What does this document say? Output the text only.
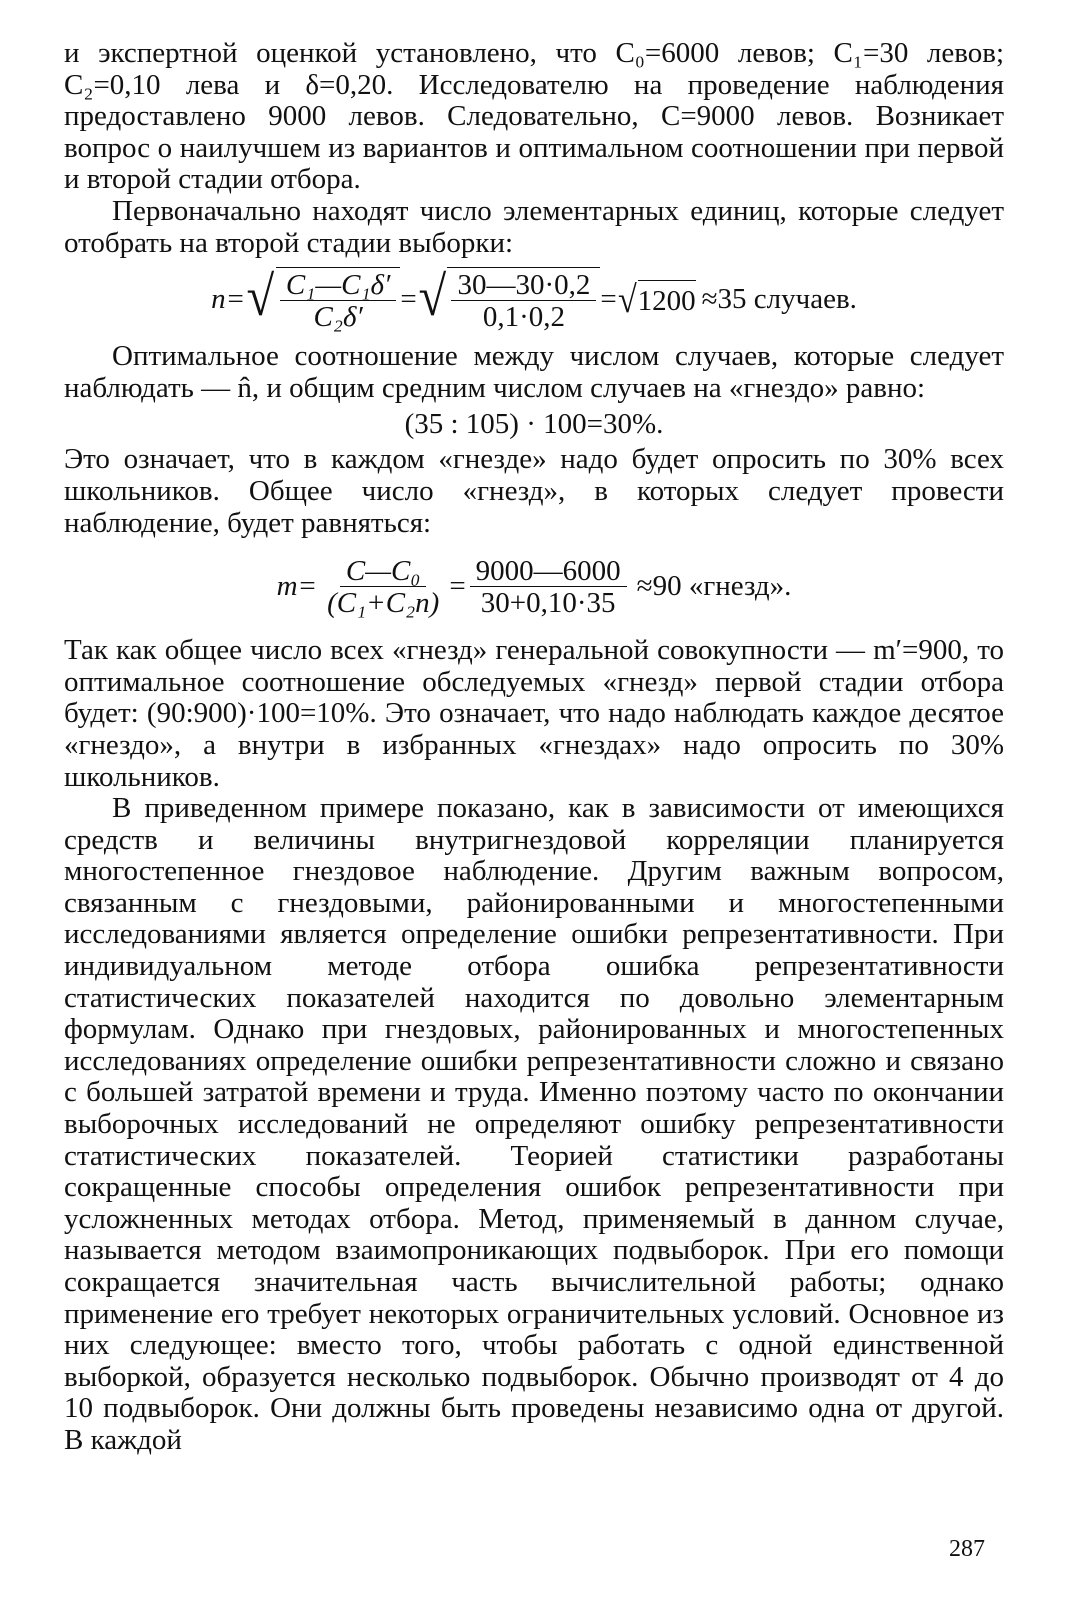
и экспертной оценкой установлено, что C₀=6000 левов; C₁=30 левов; C₂=0,10 лева и δ=0,20. Исследователю на проведение наблюдения предоставлено 9000 левов. Следовательно, C=9000 левов. Возникает вопрос о наилучшем из вариантов и оптимальном соотношении при первой и второй стадии отбора.

Первоначально находят число элементарных единиц, которые следует отобрать на второй стадии выборки:

n= √ $\frac{\text{C₁—C₁δ′}}{\text{C₂δ′}}$ = √ $\frac{30—30\cdot 0,2}{0,1\cdot 0,2}$ = √ 1200 ≈35 случаев.

Оптимальное соотношение между числом случаев, которые следует наблюдать — n̂, и общим средним числом случаев на «гнездо» равно:

(35 : 105) · 100=30%.

Это означает, что в каждом «гнезде» надо будет опросить по 30% всех школьников. Общее число «гнезд», в которых следует провести наблюдение, будет равняться:

$m= \frac{\text{C—C₀}}{\text{(C₁+C₂n)}} = \frac{9000—6000}{30+0,10\cdot 35} \approx 90$ «гнезд».

Так как общее число всех «гнезд» генеральной совокупности — m′=900, то оптимальное соотношение обследуемых «гнезд» первой стадии отбора будет: (90:900)·100=10%. Это означает, что надо наблюдать каждое десятое «гнездо», а внутри в избранных «гнездах» надо опросить по 30% школьников.

В приведенном примере показано, как в зависимости от имеющихся средств и величины внутригнездовой корреляции планируется многостепенное гнездовое наблюдение. Другим важным вопросом, связанным с гнездовыми, районированными и многостепенными исследованиями является определение ошибки репрезентативности. При индивидуальном методе отбора ошибка репрезентативности статистических показателей находится по довольно элементарным формулам. Однако при гнездовых, районированных и многостепенных исследованиях определение ошибки репрезентативности сложно и связано с большей затратой времени и труда. Именно поэтому часто по окончании выборочных исследований не определяют ошибку репрезентативности статистических показателей. Теорией статистики разработаны сокращенные способы определения ошибок репрезентативности при усложненных методах отбора. Метод, применяемый в данном случае, называется методом взаимопроникающих подвыборок. При его помощи сокращается значительная часть вычислительной работы; однако применение его требует некоторых ограничительных условий. Основное из них следующее: вместо того, чтобы работать с одной единственной выборкой, образуется несколько подвыборок. Обычно производят от 4 до 10 подвыборок. Они должны быть проведены независимо одна от другой. В каждой

287
